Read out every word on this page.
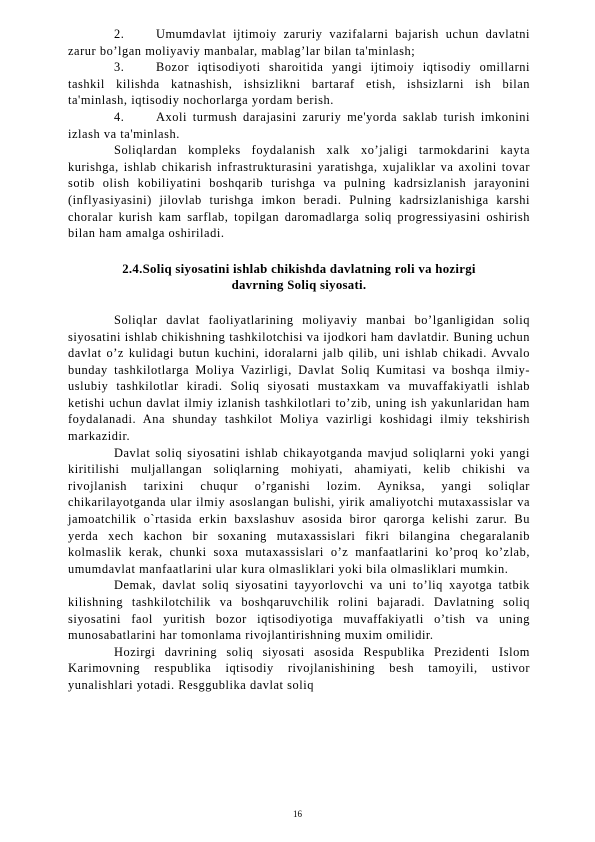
2.	Umumdavlat ijtimoiy zaruriy vazifalarni bajarish uchun davlatni zarur bo’lgan moliyaviy manbalar, mablag’lar bilan ta'minlash;

3.	Bozor iqtisodiyoti sharoitida yangi ijtimoiy iqtisodiy omillarni tashkil kilishda katnashish, ishsizlikni bartaraf etish, ishsizlarni ish bilan ta'minlash, iqtisodiy nochorlarga yordam berish.

4.	Axoli turmush darajasini zaruriy me'yorda saklab turish imkonini izlash va ta'minlash.

Soliqlardan kompleks foydalanish xalk xo’jaligi tarmokdarini kayta kurishga, ishlab chikarish infrastrukturasini yaratishga, xujaliklar va axolini tovar sotib olish kobiliyatini boshqarib turishga va pulning kadrsizlanish jarayonini (inflyasiyasini) jilovlab turishga imkon beradi. Pulning kadrsizlanishiga karshi choralar kurish kam sarflab, topilgan daromadlarga soliq progressiyasini oshirish bilan ham amalga oshiriladi.

2.4.Soliq siyosatini ishlab chikishda davlatning roli va hozirgi
davrning Soliq siyosati.

Soliqlar davlat faoliyatlarining moliyaviy manbai bo’lganligidan soliq siyosatini ishlab chikishning tashkilotchisi va ijodkori ham davlatdir. Buning uchun davlat o’z kulidagi butun kuchini, idoralarni jalb qilib, uni ishlab chikadi. Avvalo bunday tashkilotlarga Moliya Vazirligi, Davlat Soliq Kumitasi va boshqa ilmiy-uslubiy tashkilotlar kiradi. Soliq siyosati mustaxkam va muvaffakiyatli ishlab ketishi uchun davlat ilmiy izlanish tashkilotlari to’zib, uning ish yakunlaridan ham foydalanadi. Ana shunday tashkilot Moliya vazirligi koshidagi ilmiy tekshirish markazidir.

Davlat soliq siyosatini ishlab chikayotganda mavjud soliqlarni yoki yangi kiritilishi muljallangan soliqlarning mohiyati, ahamiyati, kelib chikishi va rivojlanish tarixini chuqur o’rganishi lozim. Ayniksa, yangi soliqlar chikarilayotganda ular ilmiy asoslangan bulishi, yirik amaliyotchi mutaxassislar va jamoatchilik o`rtasida erkin baxslashuv asosida biror qarorga kelishi zarur. Bu yerda xech kachon bir soxaning mutaxassislari fikri bilangina chegaralanib kolmaslik kerak, chunki soxa mutaxassislari o’z manfaatlarini ko’proq ko’zlab, umumdavlat manfaatlarini ular kura olmasliklari yoki bila olmasliklari mumkin.

Demak, davlat soliq siyosatini tayyorlovchi va uni to’liq xayotga tatbik kilishning tashkilotchilik va boshqaruvchilik rolini bajaradi. Davlatning soliq siyosatini faol yuritish bozor iqtisodiyotiga muvaffakiyatli o’tish va uning munosabatlarini har tomonlama rivojlantirishning muxim omilidir.

Hozirgi davrining soliq siyosati asosida Respublika Prezidenti Islom Karimovning respublika iqtisodiy rivojlanishining besh tamoyili, ustivor yunalishlari yotadi. Resggublika davlat soliq

16
